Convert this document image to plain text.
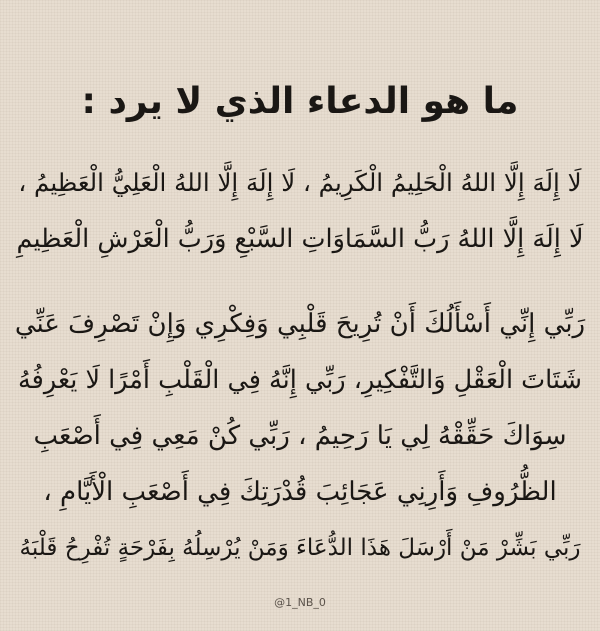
ما هو الدعاء الذي لا يرد :
لَا إِلَهَ إِلَّا اللهُ الْحَلِيمُ الْكَرِيمُ ، لَا إِلَهَ إِلَّا اللهُ الْعَلِيُّ الْعَظِيمُ ،
لَا إِلَهَ إِلَّا اللهُ رَبُّ السَّمَاوَاتِ السَّبْعِ وَرَبُّ الْعَرْشِ الْعَظِيمِ
رَبِّي إِنِّي أَسْأَلُكَ أَنْ تُرِيحَ قَلْبِي وَفِكْرِي وَإِنْ تَصْرِفَ عَنِّي
شَتَاتَ الْعَقْلِ وَالتَّفْكِيرِ، رَبِّي إِنَّهُ فِي الْقَلْبِ أَمْرًا لَا يَعْرِفُهُ
سِوَاكَ حَقِّقْهُ لِي يَا رَحِيمُ ، رَبِّي كُنْ مَعِي فِي أَصْعَبِ
الظُّرُوفِ وَأَرِنِي عَجَائِبَ قُدْرَتِكَ فِي أَصْعَبِ الْأَيَّامِ ،
رَبِّي بَشِّرْ مَنْ أَرْسَلَ هَذَا الدُّعَاءَ وَمَنْ يُرْسِلُهُ بِفَرْحَةٍ تُفْرِحُ قَلْبَهُ
@1_NB_0
